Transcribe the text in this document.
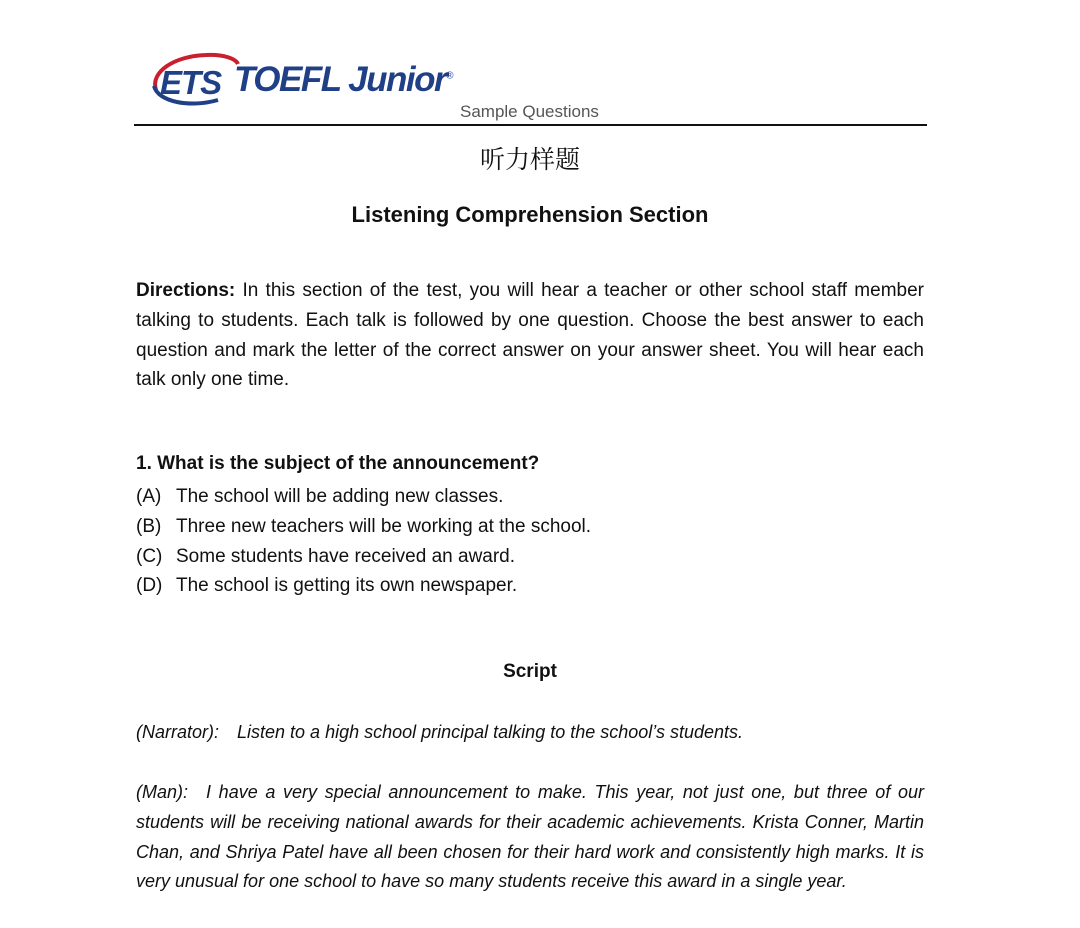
ETS TOEFL Junior®
Sample Questions
听力样题
Listening Comprehension Section
Directions: In this section of the test, you will hear a teacher or other school staff member talking to students. Each talk is followed by one question. Choose the best answer to each question and mark the letter of the correct answer on your answer sheet. You will hear each talk only one time.
1. What is the subject of the announcement?
(A) The school will be adding new classes.
(B) Three new teachers will be working at the school.
(C) Some students have received an award.
(D) The school is getting its own newspaper.
Script
(Narrator): Listen to a high school principal talking to the school’s students.
(Man): I have a very special announcement to make. This year, not just one, but three of our students will be receiving national awards for their academic achievements. Krista Conner, Martin Chan, and Shriya Patel have all been chosen for their hard work and consistently high marks. It is very unusual for one school to have so many students receive this award in a single year.
